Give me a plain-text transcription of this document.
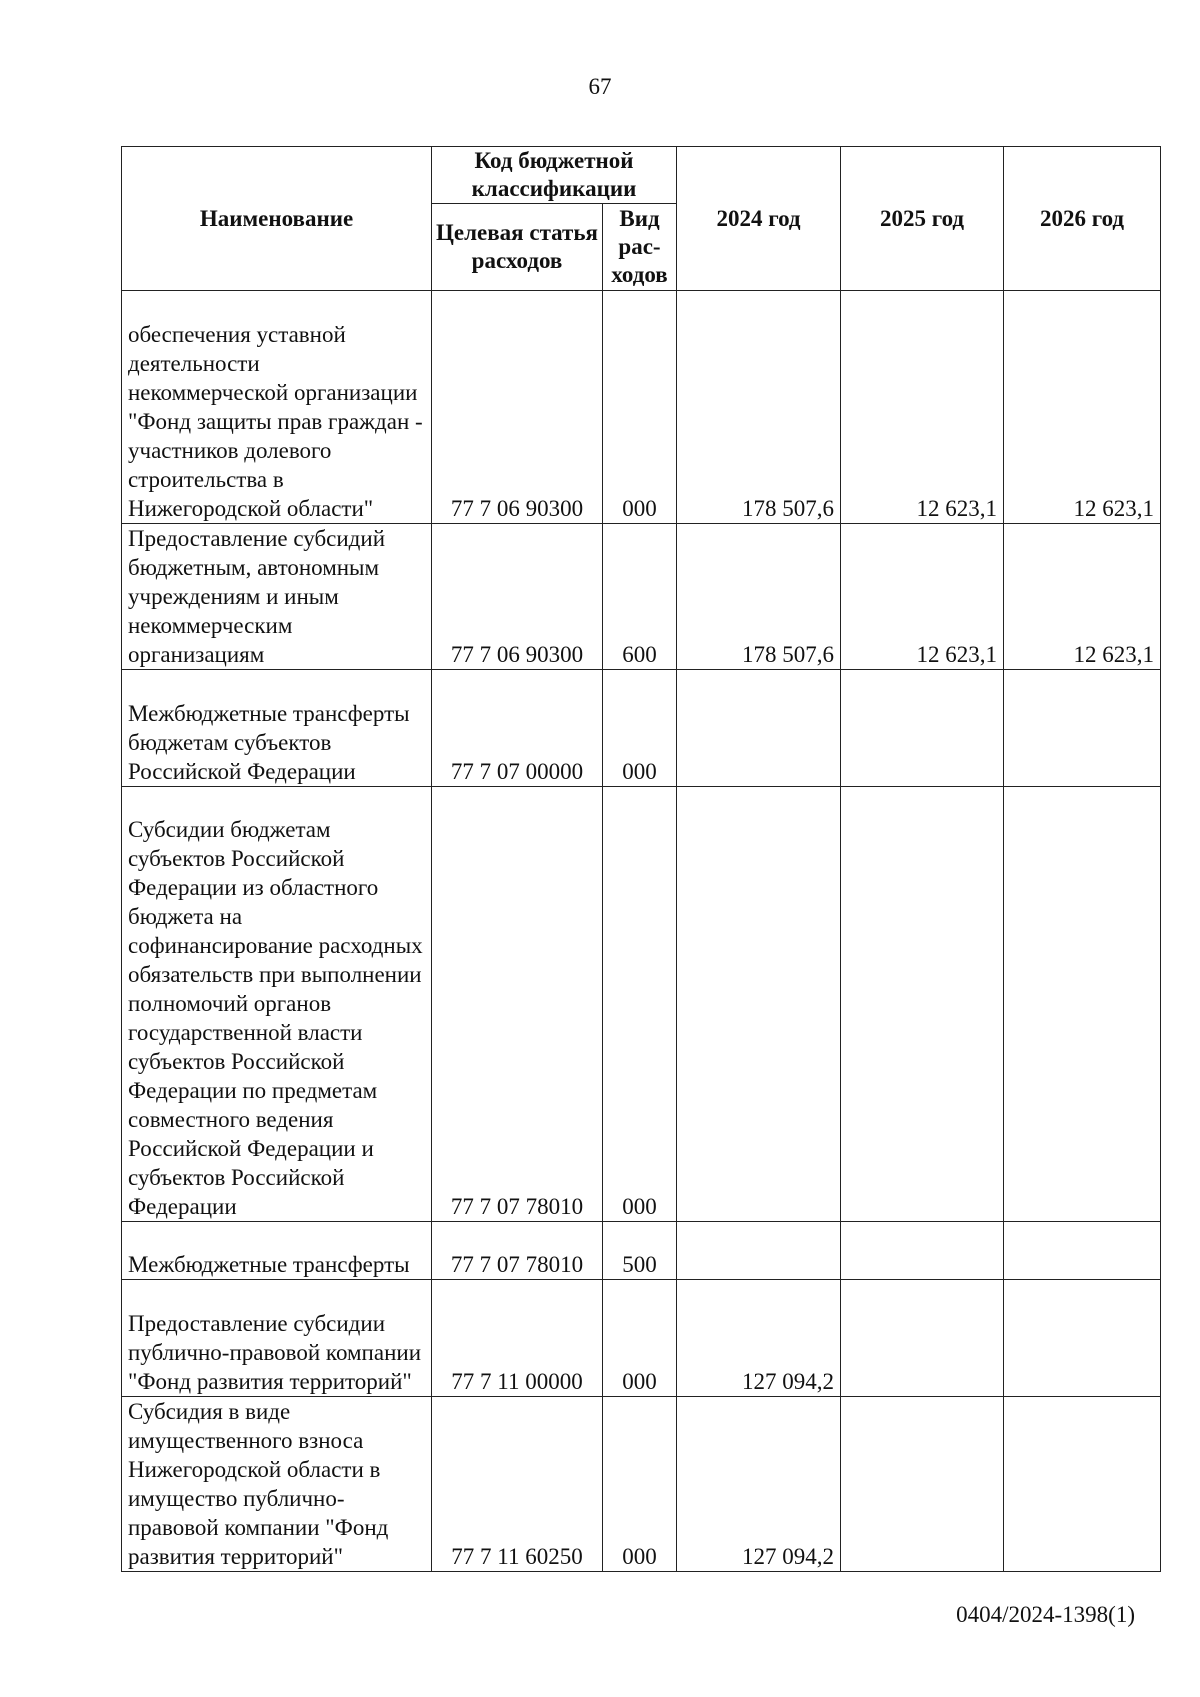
67
Наименование	Код бюджетной классификации		2024 год	2025 год	2026 год
	Целевая статья расходов	Вид рас-ходов			
обеспечения уставной деятельности некоммерческой организации "Фонд защиты прав граждан - участников долевого строительства в Нижегородской области"	77 7 06 90300	000	178 507,6	12 623,1	12 623,1
Предоставление субсидий бюджетным, автономным учреждениям и иным некоммерческим организациям	77 7 06 90300	600	178 507,6	12 623,1	12 623,1
Межбюджетные трансферты бюджетам субъектов Российской Федерации	77 7 07 00000	000			
Субсидии бюджетам субъектов Российской Федерации из областного бюджета на софинансирование расходных обязательств при выполнении полномочий органов государственной власти субъектов Российской Федерации по предметам совместного ведения Российской Федерации и субъектов Российской Федерации	77 7 07 78010	000			
Межбюджетные трансферты	77 7 07 78010	500			
Предоставление субсидии публично-правовой компании "Фонд развития территорий"	77 7 11 00000	000	127 094,2		
Субсидия в виде имущественного взноса Нижегородской области в имущество публично-правовой компании "Фонд развития территорий"	77 7 11 60250	000	127 094,2		
0404/2024-1398(1)
